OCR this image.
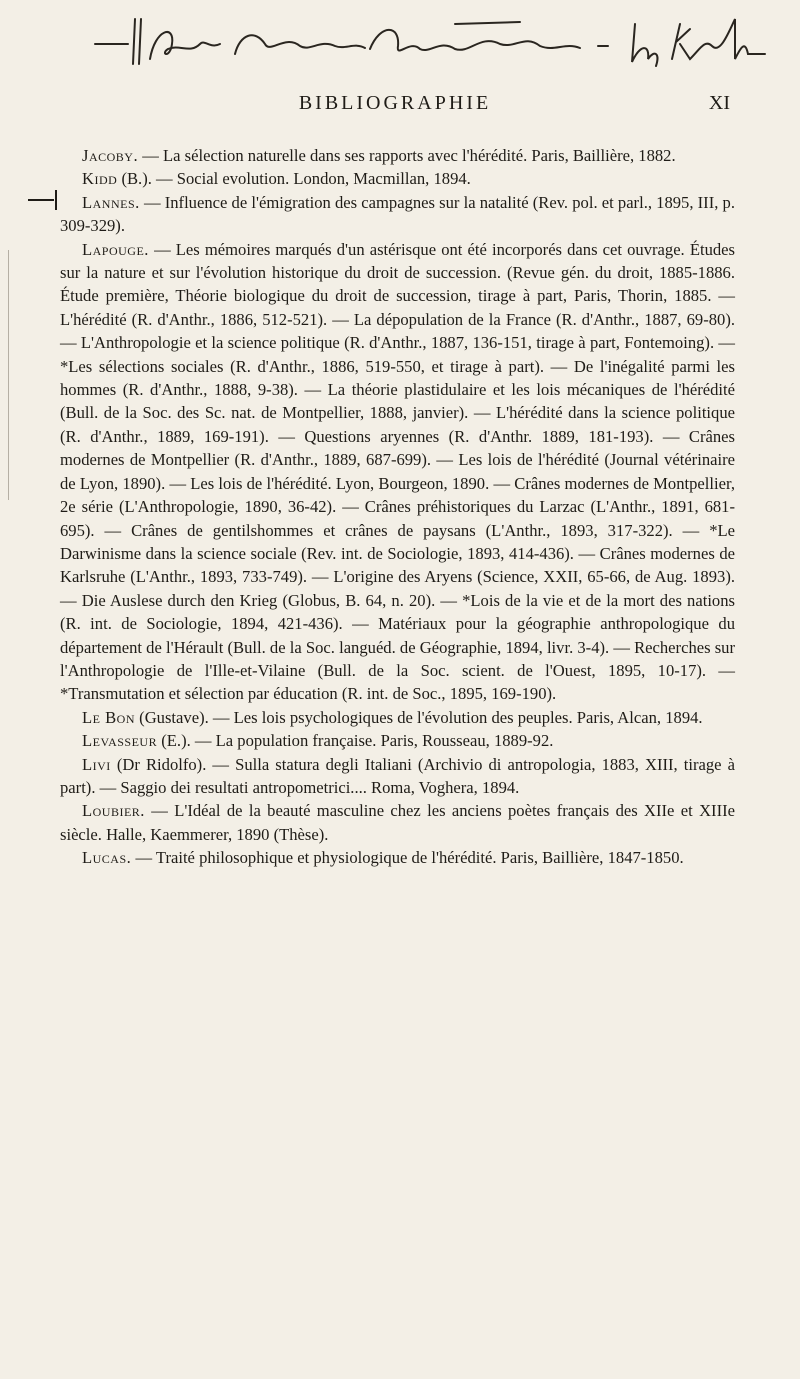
BIBLIOGRAPHIE	XI

Jacoby. — La sélection naturelle dans ses rapports avec l'hérédité. Paris, Baillière, 1882.

Kidd (B.). — Social evolution. London, Macmillan, 1894.

Lannes. — Influence de l'émigration des campagnes sur la natalité (Rev. pol. et parl., 1895, III, p. 309-329).

Lapouge. — Les mémoires marqués d'un astérisque ont été incorporés dans cet ouvrage. Études sur la nature et sur l'évolution historique du droit de succession. (Revue gén. du droit, 1885-1886. Étude première, Théorie biologique du droit de succession, tirage à part, Paris, Thorin, 1885. — L'hérédité (R. d'Anthr., 1886, 512-521). — La dépopulation de la France (R. d'Anthr., 1887, 69-80). — L'Anthropologie et la science politique (R. d'Anthr., 1887, 136-151, tirage à part, Fontemoing). — *Les sélections sociales (R. d'Anthr., 1886, 519-550, et tirage à part). — De l'inégalité parmi les hommes (R. d'Anthr., 1888, 9-38). — La théorie plastidulaire et les lois mécaniques de l'hérédité (Bull. de la Soc. des Sc. nat. de Montpellier, 1888, janvier). — L'hérédité dans la science politique (R. d'Anthr., 1889, 169-191). — Questions aryennes (R. d'Anthr. 1889, 181-193). — Crânes modernes de Montpellier (R. d'Anthr., 1889, 687-699). — Les lois de l'hérédité (Journal vétérinaire de Lyon, 1890). — Les lois de l'hérédité. Lyon, Bourgeon, 1890. — Crânes modernes de Montpellier, 2e série (L'Anthropologie, 1890, 36-42). — Crânes préhistoriques du Larzac (L'Anthr., 1891, 681-695). — Crânes de gentilshommes et crânes de paysans (L'Anthr., 1893, 317-322). — *Le Darwinisme dans la science sociale (Rev. int. de Sociologie, 1893, 414-436). — Crânes modernes de Karlsruhe (L'Anthr., 1893, 733-749). — L'origine des Aryens (Science, XXII, 65-66, de Aug. 1893). — Die Auslese durch den Krieg (Globus, B. 64, n. 20). — *Lois de la vie et de la mort des nations (R. int. de Sociologie, 1894, 421-436). — Matériaux pour la géographie anthropologique du département de l'Hérault (Bull. de la Soc. languéd. de Géographie, 1894, livr. 3-4). — Recherches sur l'Anthropologie de l'Ille-et-Vilaine (Bull. de la Soc. scient. de l'Ouest, 1895, 10-17). — *Transmutation et sélection par éducation (R. int. de Soc., 1895, 169-190).

Le Bon (Gustave). — Les lois psychologiques de l'évolution des peuples. Paris, Alcan, 1894.

Levasseur (E.). — La population française. Paris, Rousseau, 1889-92.

Livi (Dr Ridolfo). — Sulla statura degli Italiani (Archivio di antropologia, 1883, XIII, tirage à part). — Saggio dei resultati antropometrici.... Roma, Voghera, 1894.

Loubier. — L'Idéal de la beauté masculine chez les anciens poètes français des XIIe et XIIIe siècle. Halle, Kaemmerer, 1890 (Thèse).

Lucas. — Traité philosophique et physiologique de l'hérédité. Paris, Baillière, 1847-1850.
